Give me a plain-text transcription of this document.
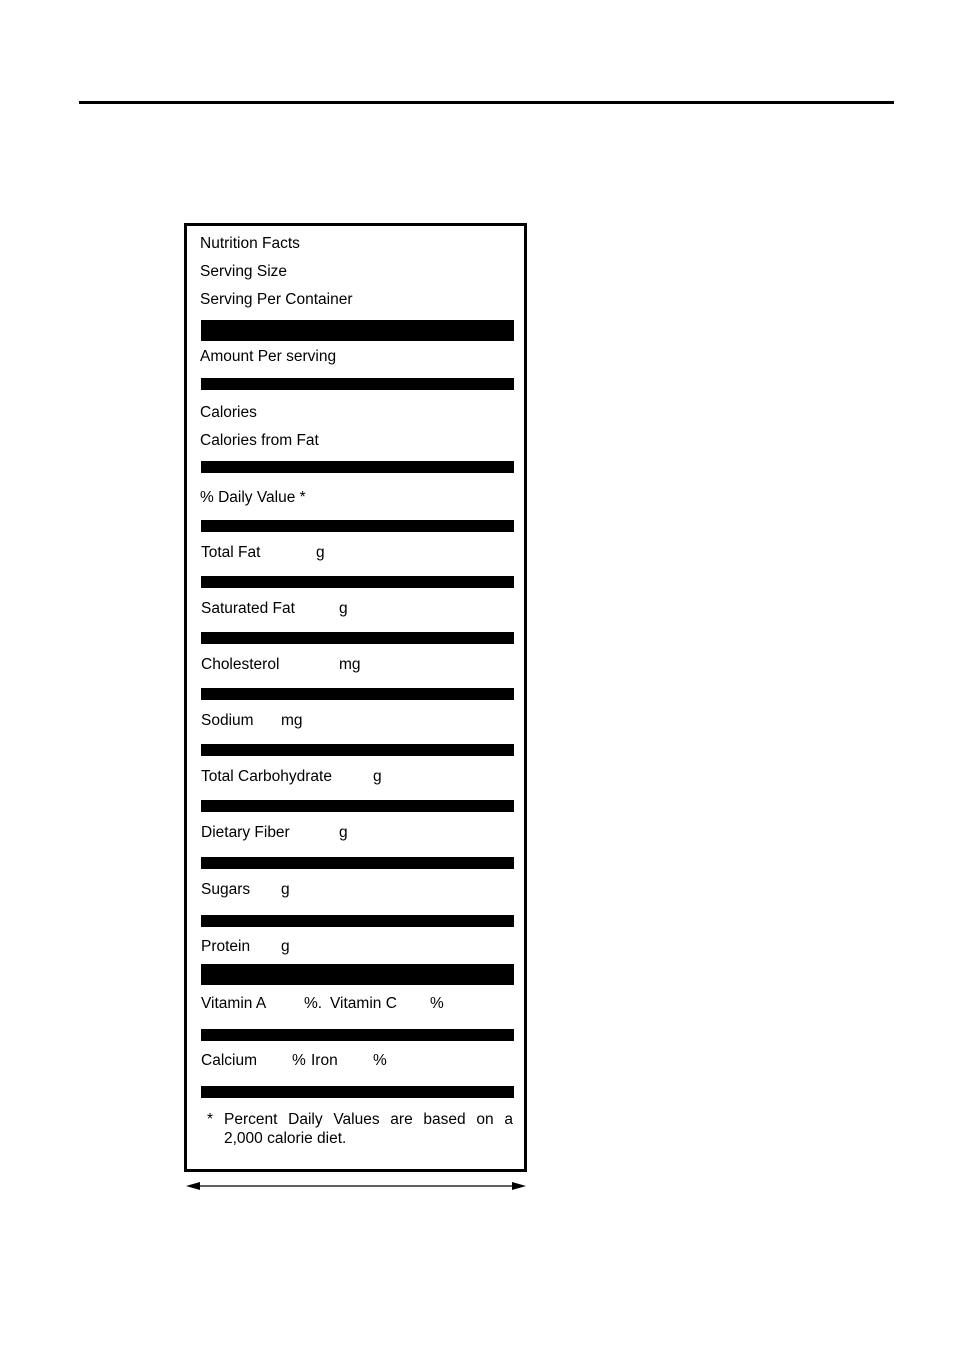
Nutrition Facts
Serving Size
Serving Per Container
Amount Per serving
Calories
Calories from Fat
% Daily Value *
Total Fat	g
Saturated Fat	g
Cholesterol	mg
Sodium mg
Total Carbohydrate	g
Dietary Fiber	g
Sugars g
Protein g
Vitamin A %. Vitamin C %
Calcium % Iron %
* Percent Daily Values are based on a 2,000 calorie diet.
